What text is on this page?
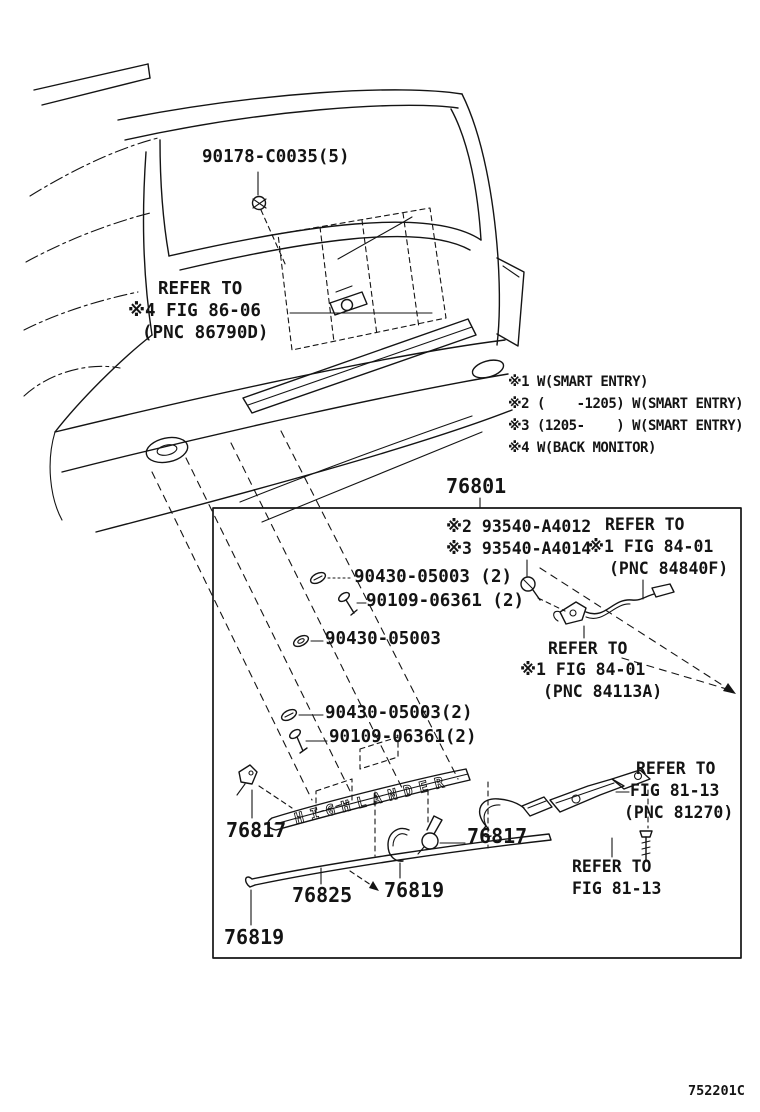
HIGHLANDER
90178-C0035(5)
REFER TO
※4 FIG 86-06
(PNC 86790D)
※1 W(SMART ENTRY)
※2 (    -1205) W(SMART ENTRY)
※3 (1205-    ) W(SMART ENTRY)
※4 W(BACK MONITOR)
76801
※2 93540-A4012
※3 93540-A4014
REFER TO
※1 FIG 84-01
(PNC 84840F)
90430-05003 (2)
90109-06361 (2)
90430-05003	REFER TO
※1 FIG 84-01
(PNC 84113A)
90430-05003(2)
90109-06361(2)
REFER TO
FIG 81-13
(PNC 81270)
76817	76817
REFER TO
FIG 81-13
76819
76825
76819
752201C
